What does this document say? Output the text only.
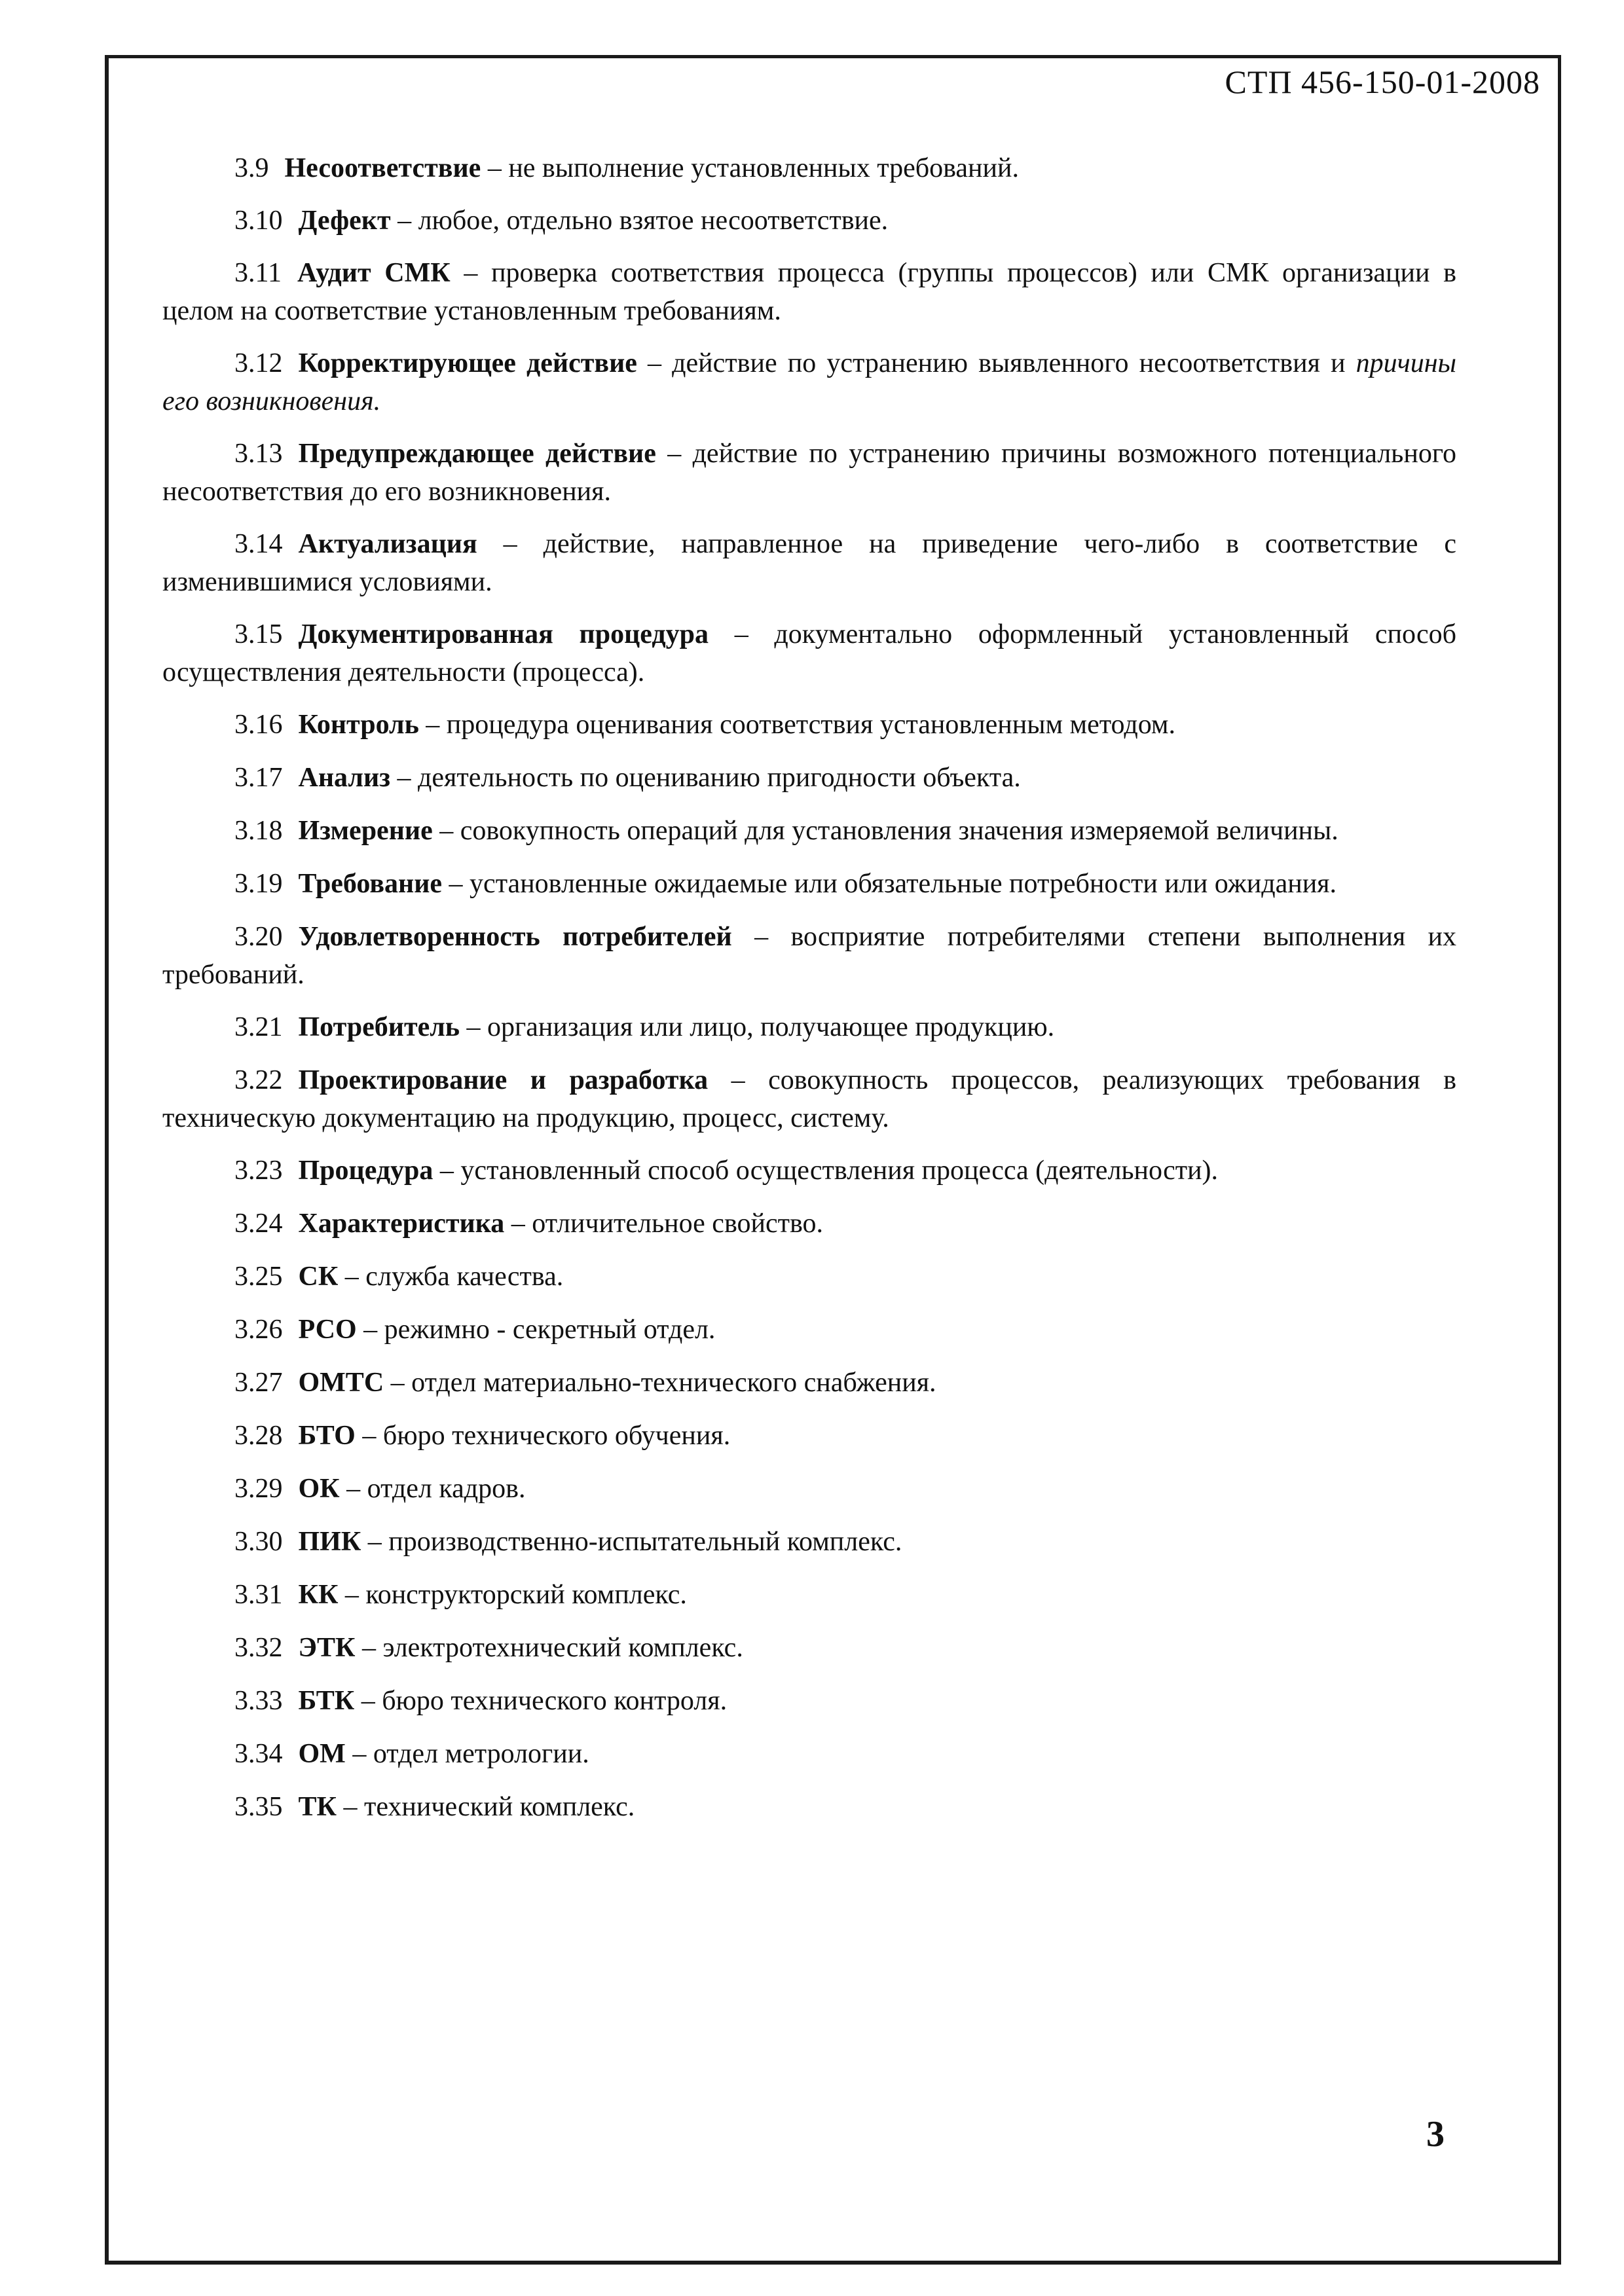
СТП 456-150-01-2008

3.9 Несоответствие – не выполнение установленных требований.

3.10 Дефект – любое, отдельно взятое несоответствие.

3.11 Аудит СМК – проверка соответствия процесса (группы процессов) или СМК организации в целом на соответствие установленным требованиям.

3.12 Корректирующее действие – действие по устранению выявленного несоответствия и причины его возникновения.

3.13 Предупреждающее действие – действие по устранению причины возможного потенциального несоответствия до его возникновения.

3.14 Актуализация – действие, направленное на приведение чего-либо в соответствие с изменившимися условиями.

3.15 Документированная процедура – документально оформленный установленный способ осуществления деятельности (процесса).

3.16 Контроль – процедура оценивания соответствия установленным методом.

3.17 Анализ – деятельность по оцениванию пригодности объекта.

3.18 Измерение – совокупность операций для установления значения измеряемой величины.

3.19 Требование – установленные ожидаемые или обязательные потребности или ожидания.

3.20 Удовлетворенность потребителей – восприятие потребителями степени выполнения их требований.

3.21 Потребитель – организация или лицо, получающее продукцию.

3.22 Проектирование и разработка – совокупность процессов, реализующих требования в техническую документацию на продукцию, процесс, систему.

3.23 Процедура – установленный способ осуществления процесса (деятельности).

3.24 Характеристика – отличительное свойство.

3.25 СК – служба качества.

3.26 РСО – режимно - секретный отдел.

3.27 ОМТС – отдел материально-технического снабжения.

3.28 БТО – бюро технического обучения.

3.29 ОК – отдел кадров.

3.30 ПИК – производственно-испытательный комплекс.

3.31 КК – конструкторский комплекс.

3.32 ЭТК – электротехнический комплекс.

3.33 БТК – бюро технического контроля.

3.34 ОМ – отдел метрологии.

3.35 ТК – технический комплекс.

3
